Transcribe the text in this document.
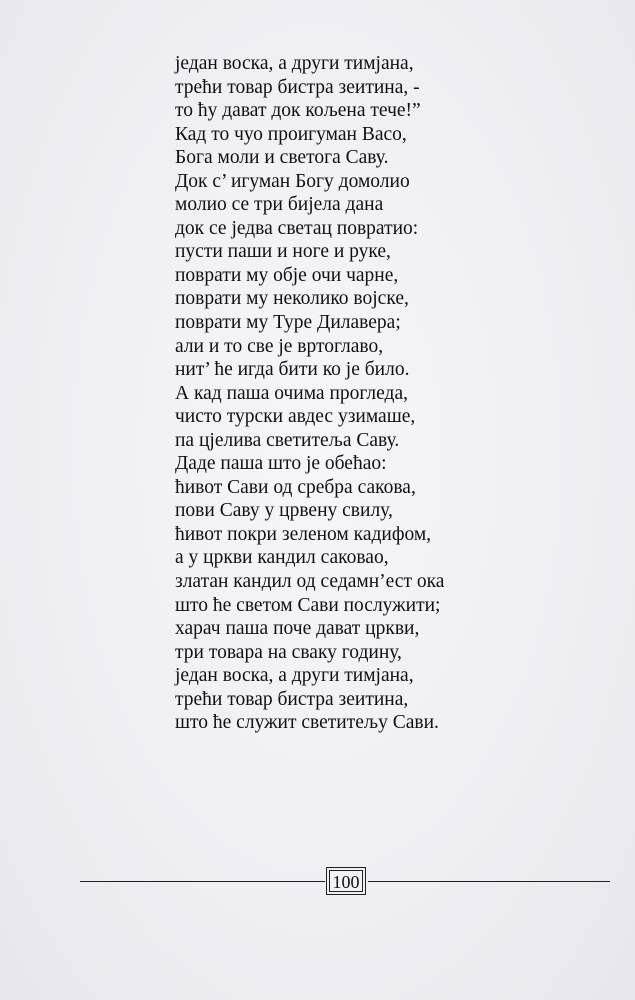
један воска, а други тимјана,
трећи товар бистра зеитина, -
то ћу дават док кољена тече!”
Кад то чуо проигуман Васо,
Бога моли и светога Саву.
Док с’ игуман Богу домолио
молио се три бијела дана
док се једва светац повратио:
пусти паши и ноге и руке,
поврати му обје очи чарне,
поврати му неколико војске,
поврати му Туре Дилавера;
али и то све је вртоглаво,
нит’ ће игда бити ко је било.
А кад паша очима прогледа,
чисто турски авдес узимаше,
па цјелива светитеља Саву.
Даде паша што је обећао:
ћивот Сави од сребра сакова,
пови Саву у црвену свилу,
ћивот покри зеленом кадифом,
а у цркви кандил саковао,
златан кандил од седамн’ест ока
што ће светом Сави послужити;
харач паша поче дават цркви,
три товара на сваку годину,
један воска, а други тимјана,
трећи товар бистра зеитина,
што ће служит светитељу Сави.
100
